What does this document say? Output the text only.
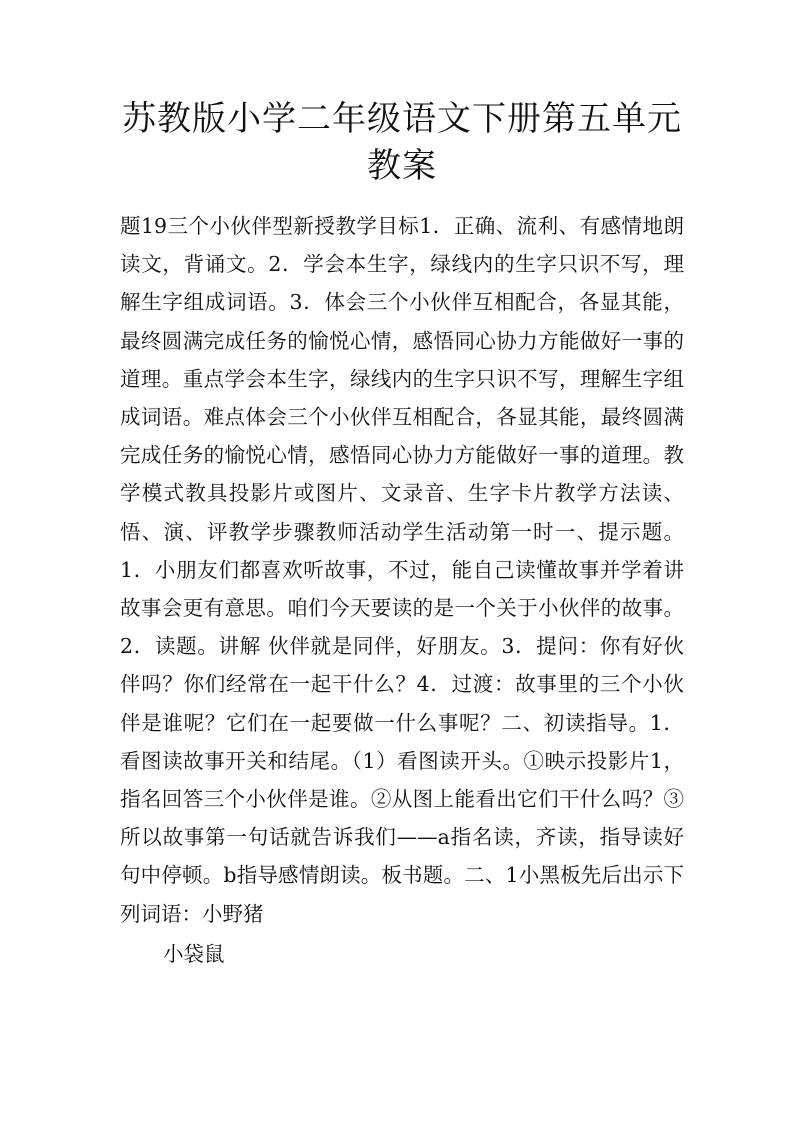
苏教版小学二年级语文下册第五单元教案

题19三个小伙伴型新授教学目标1．正确、流利、有感情地朗读文，背诵文。2．学会本生字，绿线内的生字只识不写，理解生字组成词语。3．体会三个小伙伴互相配合，各显其能，最终圆满完成任务的愉悦心情，感悟同心协力方能做好一事的道理。重点学会本生字，绿线内的生字只识不写，理解生字组成词语。难点体会三个小伙伴互相配合，各显其能，最终圆满完成任务的愉悦心情，感悟同心协力方能做好一事的道理。教学模式教具投影片或图片、文录音、生字卡片教学方法读、悟、演、评教学步骤教师活动学生活动第一时一、提示题。1．小朋友们都喜欢听故事，不过，能自己读懂故事并学着讲故事会更有意思。咱们今天要读的是一个关于小伙伴的故事。2．读题。讲解 伙伴就是同伴，好朋友。3．提问：你有好伙伴吗？你们经常在一起干什么？4．过渡：故事里的三个小伙伴是谁呢？它们在一起要做一什么事呢？二、初读指导。1．看图读故事开关和结尾。（1）看图读开头。①映示投影片1，指名回答三个小伙伴是谁。②从图上能看出它们干什么吗？③所以故事第一句话就告诉我们——a指名读，齐读，指导读好句中停顿。b指导感情朗读。板书题。二、1小黑板先后出示下列词语：小野猪

小袋鼠
